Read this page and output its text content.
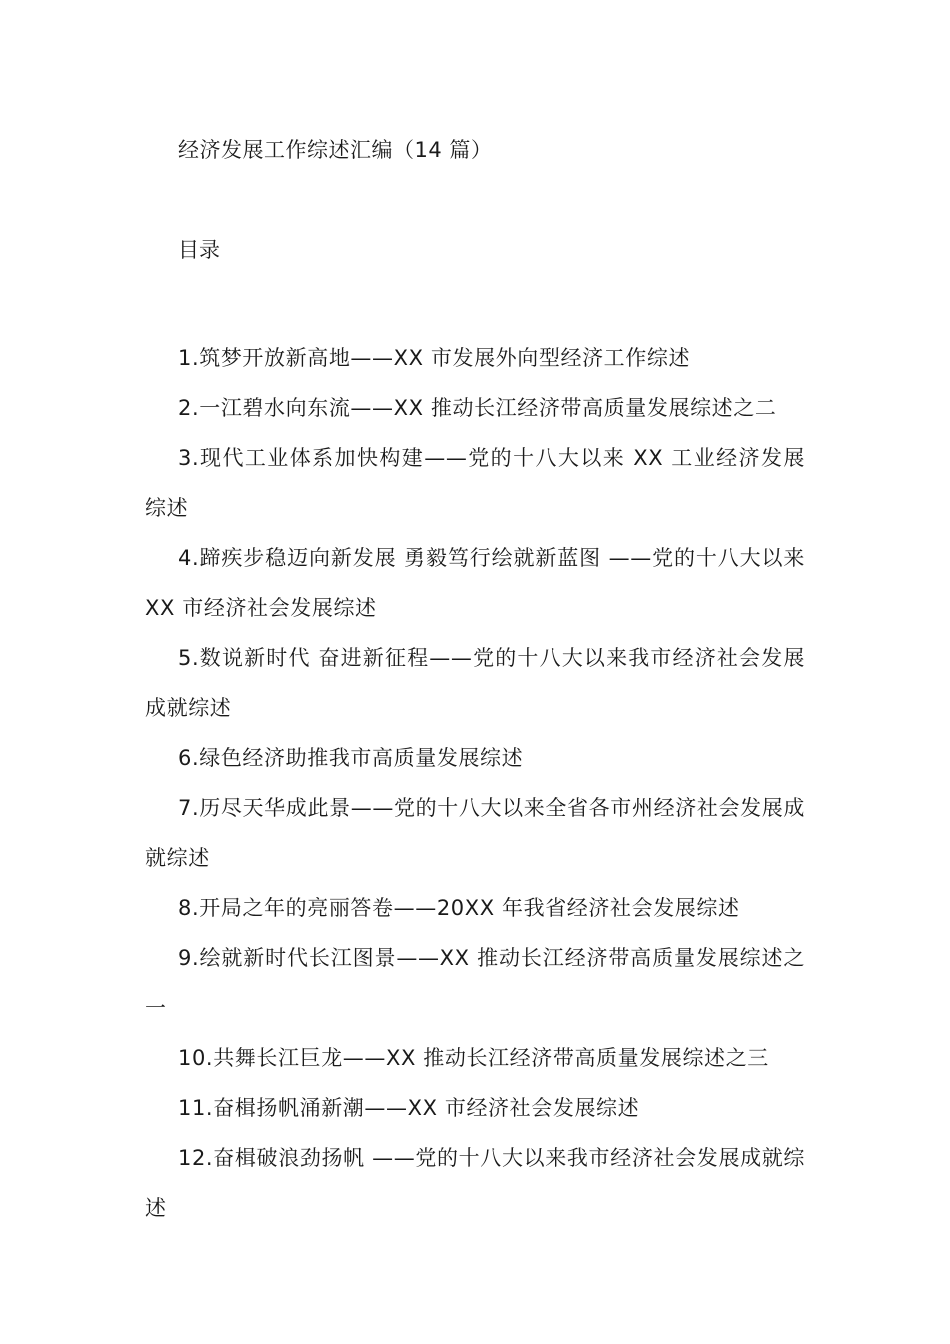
经济发展工作综述汇编（14 篇）
目录
1.筑梦开放新高地——XX 市发展外向型经济工作综述
2.一江碧水向东流——XX 推动长江经济带高质量发展综述之二
3.现代工业体系加快构建——党的十八大以来 XX 工业经济发展综述
4.蹄疾步稳迈向新发展 勇毅笃行绘就新蓝图 ——党的十八大以来 XX 市经济社会发展综述
5.数说新时代 奋进新征程——党的十八大以来我市经济社会发展成就综述
6.绿色经济助推我市高质量发展综述
7.历尽天华成此景——党的十八大以来全省各市州经济社会发展成就综述
8.开局之年的亮丽答卷——20XX 年我省经济社会发展综述
9.绘就新时代长江图景——XX 推动长江经济带高质量发展综述之一
10.共舞长江巨龙——XX 推动长江经济带高质量发展综述之三
11.奋楫扬帆涌新潮——XX 市经济社会发展综述
12.奋楫破浪劲扬帆 ——党的十八大以来我市经济社会发展成就综述
